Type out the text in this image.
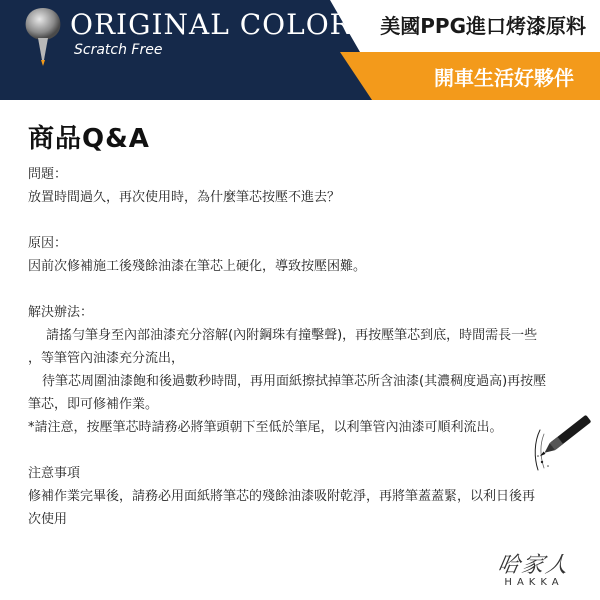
ORIGINAL COLOR
Scratch Free
美國PPG進口烤漆原料
開車生活好夥伴
商品Q&A
問題：
放置時間過久，再次使用時，為什麼筆芯按壓不進去？
原因：
因前次修補施工後殘餘油漆在筆芯上硬化，導致按壓困難。
解決辦法：
請搖勻筆身至內部油漆充分溶解(內附鋼珠有撞擊聲)，再按壓筆芯到底，時間需長一些
，等筆管內油漆充分流出，
待筆芯周圍油漆飽和後過數秒時間，再用面紙擦拭掉筆芯所含油漆(其濃稠度過高)再按壓
筆芯，即可修補作業。
*請注意，按壓筆芯時請務必將筆頭朝下至低於筆尾，以利筆管內油漆可順利流出。
注意事項
修補作業完畢後，請務必用面紙將筆芯的殘餘油漆吸附乾淨，再將筆蓋蓋緊，以利日後再
次使用
哈家人
HAKKA
